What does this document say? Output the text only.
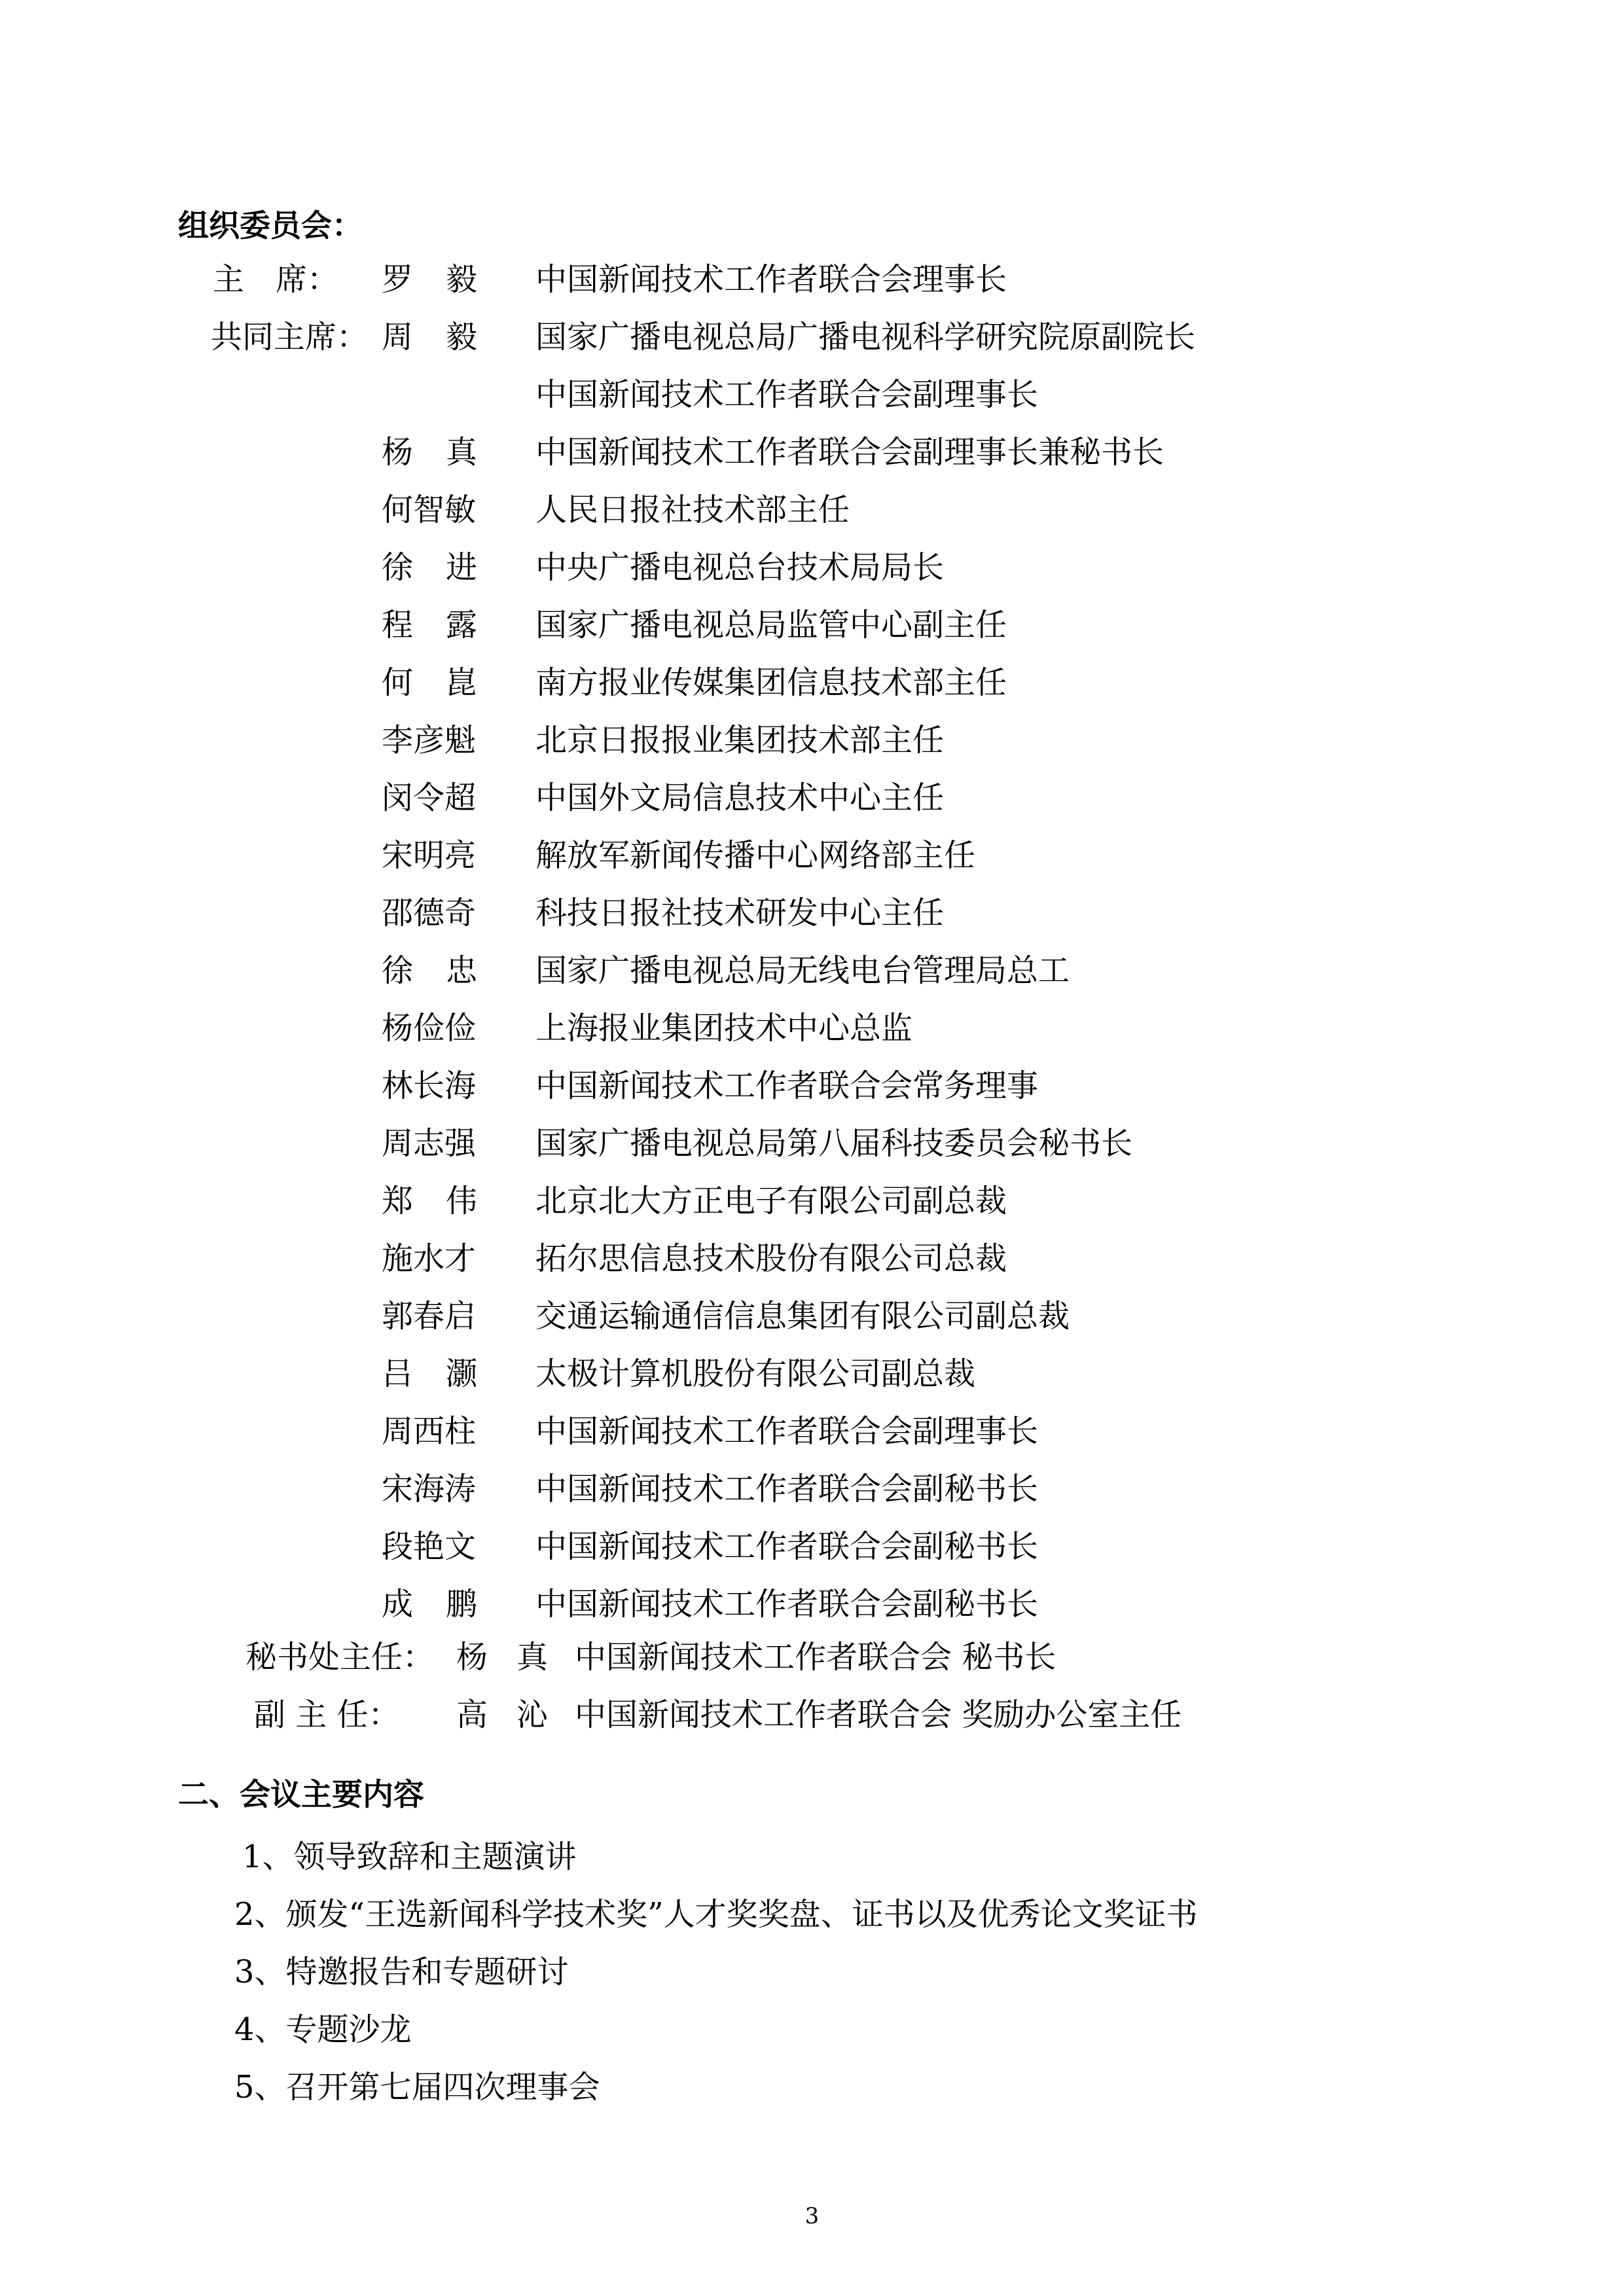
组织委员会：
主　席： 罗毅 中国新闻技术工作者联合会理事长
共同主席： 周毅 国家广播电视总局广播电视科学研究院原副院长
中国新闻技术工作者联合会副理事长
杨真 中国新闻技术工作者联合会副理事长兼秘书长
何智敏 人民日报社技术部主任
徐进 中央广播电视总台技术局局长
程露 国家广播电视总局监管中心副主任
何崑 南方报业传媒集团信息技术部主任
李彦魁 北京日报报业集团技术部主任
闵令超 中国外文局信息技术中心主任
宋明亮 解放军新闻传播中心网络部主任
邵德奇 科技日报社技术研发中心主任
徐忠 国家广播电视总局无线电台管理局总工
杨俭俭 上海报业集团技术中心总监
林长海 中国新闻技术工作者联合会常务理事
周志强 国家广播电视总局第八届科技委员会秘书长
郑伟 北京北大方正电子有限公司副总裁
施水才 拓尔思信息技术股份有限公司总裁
郭春启 交通运输通信信息集团有限公司副总裁
吕灏 太极计算机股份有限公司副总裁
周西柱 中国新闻技术工作者联合会副理事长
宋海涛 中国新闻技术工作者联合会副秘书长
段艳文 中国新闻技术工作者联合会副秘书长
成鹏 中国新闻技术工作者联合会副秘书长
秘书处主任： 杨真
中国新闻技术工作者联合会 秘书长
副 主 任： 高沁
中国新闻技术工作者联合会 奖励办公室主任
二、会议主要内容
1、领导致辞和主题演讲
2、颁发“王选新闻科学技术奖”人才奖奖盘、证书以及优秀论文奖证书
3、特邀报告和专题研讨
4、专题沙龙
5、召开第七届四次理事会
3
